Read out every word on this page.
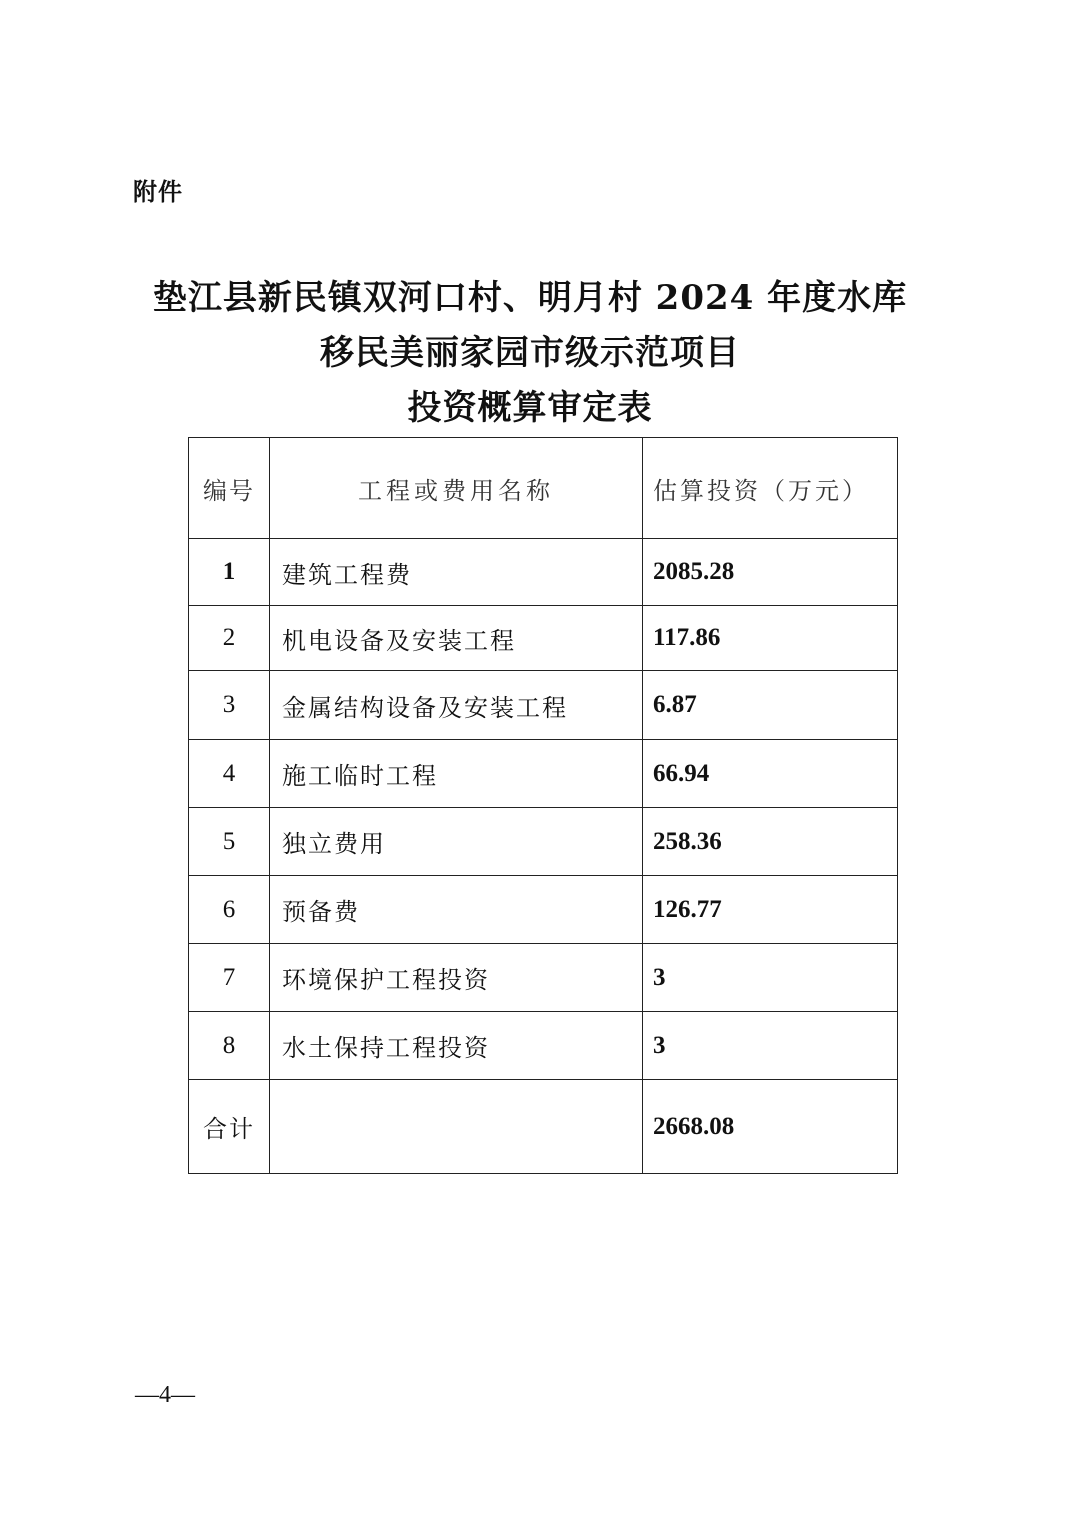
附件
垫江县新民镇双河口村、明月村 2024 年度水库
移民美丽家园市级示范项目
投资概算审定表
编号	工程或费用名称	估算投资（万元）
1	建筑工程费	2085.28
2	机电设备及安装工程	117.86
3	金属结构设备及安装工程	6.87
4	施工临时工程	66.94
5	独立费用	258.36
6	预备费	126.77
7	环境保护工程投资	3
8	水土保持工程投资	3
合计		2668.08
—4—
